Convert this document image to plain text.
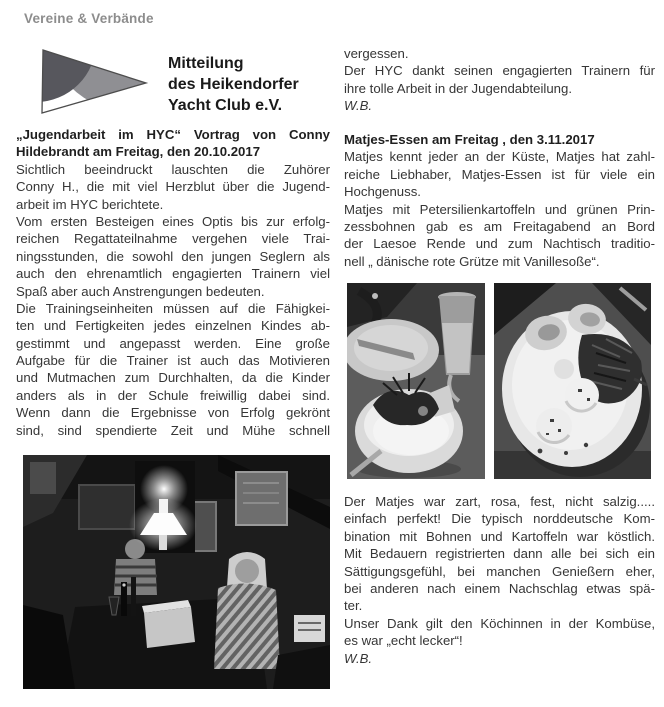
Vereine & Verbände
Mitteilung
des Heikendorfer
Yacht Club e.V.
„Jugendarbeit im HYC“ Vortrag von Conny
Hildebrandt am Freitag, den 20.10.2017
Sichtlich beeindruckt lauschten die Zuhörer
Conny H., die mit viel Herzblut über die Jugend-
arbeit im HYC berichtete.
Vom ersten Besteigen eines Optis bis zur erfolg-
reichen Regattateilnahme vergehen viele Trai-
ningsstunden, die sowohl den jungen Seglern als
auch den ehrenamtlich engagierten Trainern viel
Spaß aber auch Anstrengungen bedeuten.
Die Trainingseinheiten müssen auf die Fähigkei-
ten und Fertigkeiten jedes einzelnen Kindes ab-
gestimmt und angepasst werden. Eine große
Aufgabe für die Trainer ist auch das Motivieren
und Mutmachen zum Durchhalten, da die Kinder
anders als in der Schule freiwillig dabei sind.
Wenn dann die Ergebnisse von Erfolg gekrönt
sind, sind spendierte Zeit und Mühe schnell
vergessen.
Der HYC dankt seinen engagierten Trainern für
ihre tolle Arbeit in der Jugendabteilung.
W.B.
Matjes-Essen am Freitag , den 3.11.2017
Matjes kennt jeder an der Küste, Matjes hat zahl-
reiche Liebhaber, Matjes-Essen ist für viele ein
Hochgenuss.
Matjes mit Petersilienkartoffeln und grünen Prin-
zessbohnen gab es am Freitagabend an Bord
der Laesoe Rende und zum Nachtisch traditio-
nell „ dänische rote Grütze mit Vanillesoße“.
Der Matjes war zart, rosa, fest, nicht salzig.....
einfach perfekt! Die typisch norddeutsche Kom-
bination mit Bohnen und Kartoffeln war köstlich.
Mit Bedauern registrierten dann alle bei sich ein
Sättigungsgefühl, bei manchen Genießern eher,
bei anderen nach einem Nachschlag etwas spä-
ter.
Unser Dank gilt den Köchinnen in der Kombüse,
es war „echt lecker“!
W.B.
